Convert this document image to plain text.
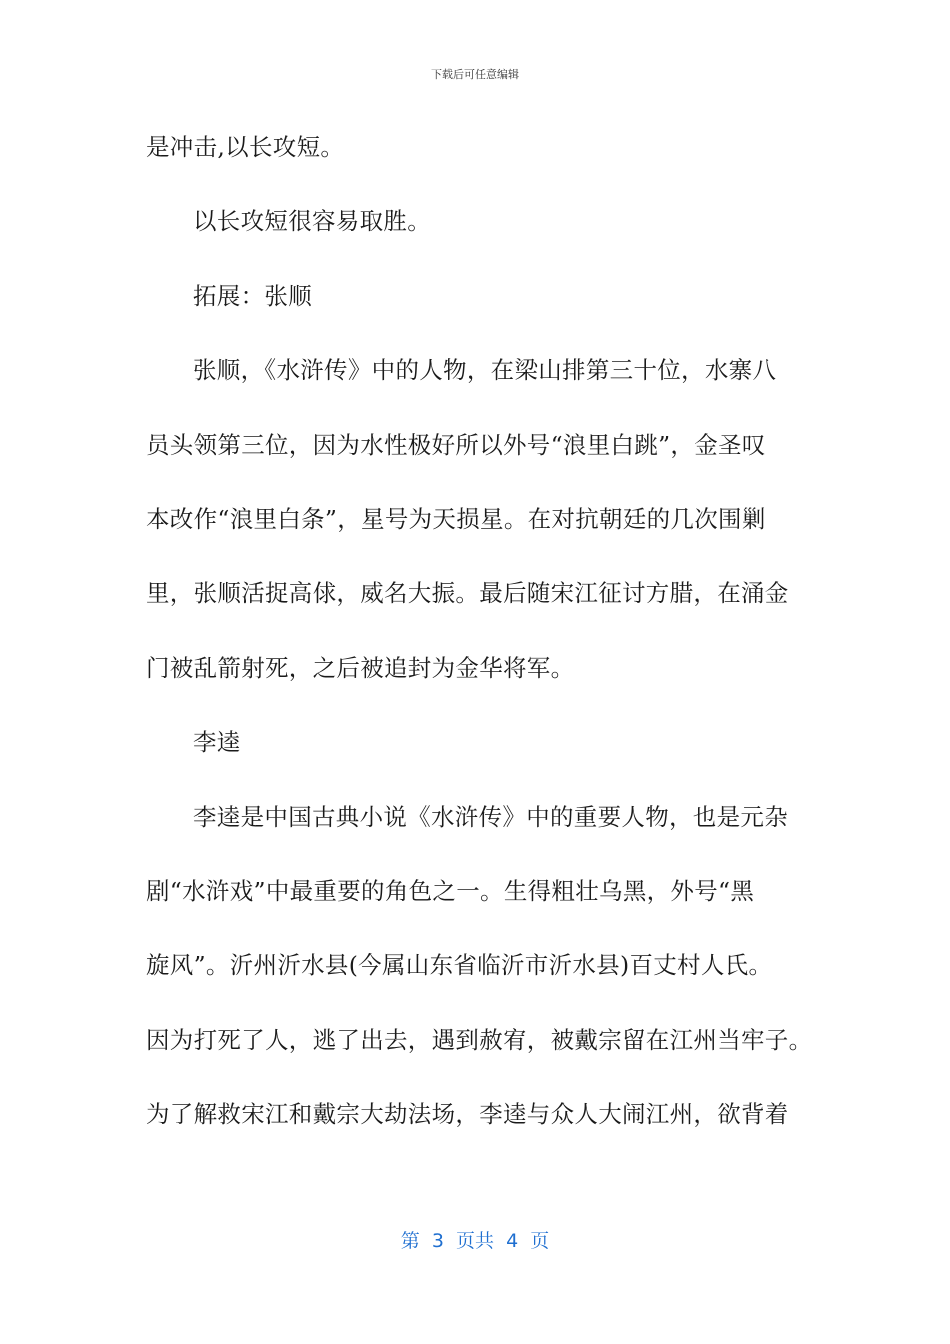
下载后可任意编辑
是冲击,以长攻短。
以长攻短很容易取胜。
拓展：张顺
张顺，《水浒传》中的人物，在梁山排第三十位，水寨八
员头领第三位，因为水性极好所以外号“浪里白跳”，金圣叹
本改作“浪里白条”，星号为天损星。在对抗朝廷的几次围剿
里，张顺活捉高俅，威名大振。最后随宋江征讨方腊，在涌金
门被乱箭射死，之后被追封为金华将军。
李逵
李逵是中国古典小说《水浒传》中的重要人物，也是元杂
剧“水浒戏”中最重要的角色之一。生得粗壮乌黑，外号“黑
旋风”。沂州沂水县(今属山东省临沂市沂水县)百丈村人氏。
因为打死了人，逃了出去，遇到赦宥，被戴宗留在江州当牢子。
为了解救宋江和戴宗大劫法场，李逵与众人大闹江州，欲背着
第  3  页共  4  页
